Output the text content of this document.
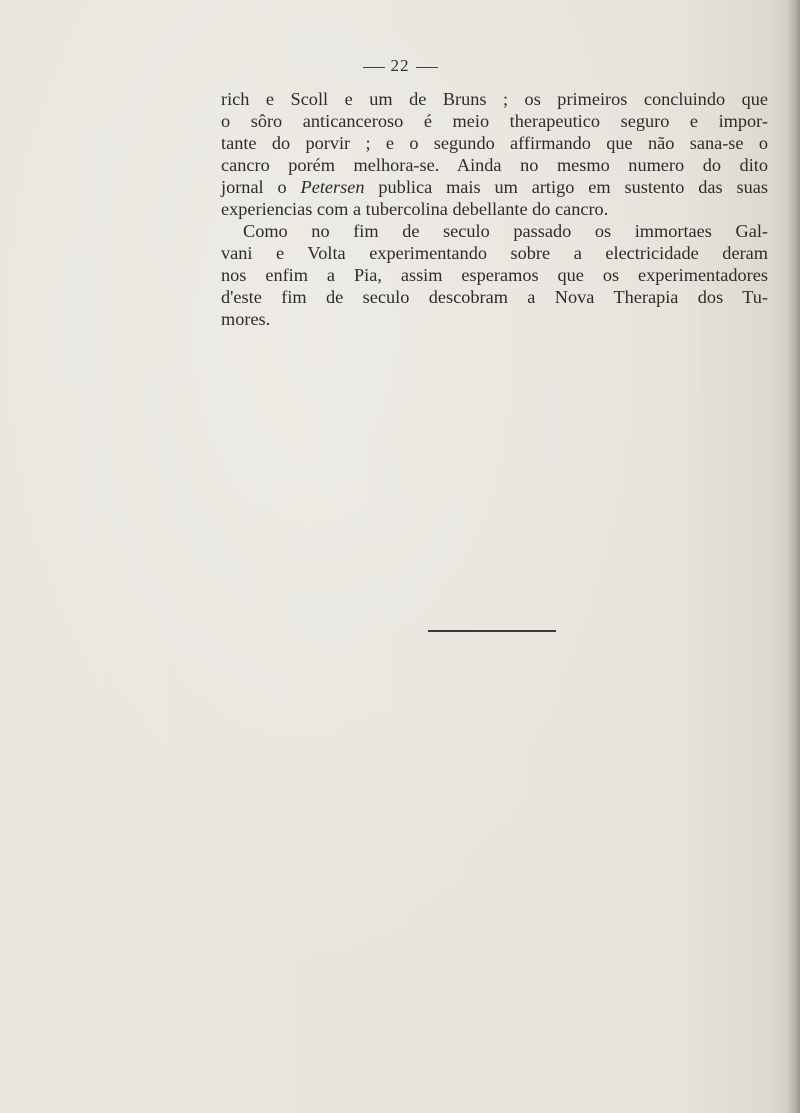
22
rich e Scoll e um de Bruns ; os primeiros concluindo que
o sôro anticanceroso é meio therapeutico seguro e impor-
tante do porvir ; e o segundo affirmando que não sana-se o
cancro porém melhora-se. Ainda no mesmo numero do dito
jornal o Petersen publica mais um artigo em sustento das suas
experiencias com a tubercolina debellante do cancro.
Como no fim de seculo passado os immortaes Gal-
vani e Volta experimentando sobre a electricidade deram
nos enfim a Pia, assim esperamos que os experimentadores
d'este fim de seculo descobram a Nova Therapia dos Tu-
mores.
